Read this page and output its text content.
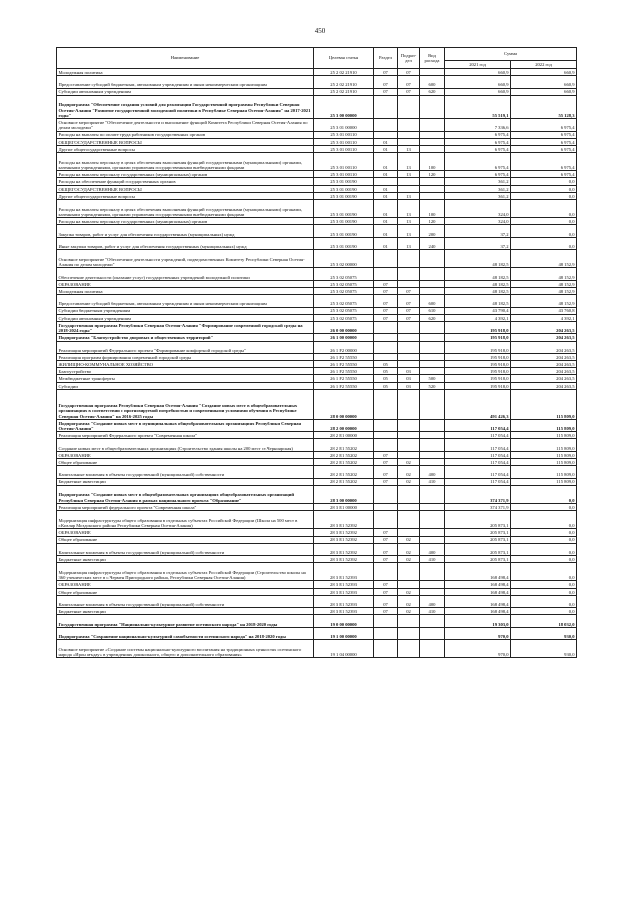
450
Наименование	Целевая статья	Раздел	Подраз-дел	Вид расхода	Сумма	
					2021 год	2022 год
Молодежная политика	25 2 02 21910	07	07		660,9	660,9
Предоставление субсидий бюджетным, автономным учреждениям и иным некоммерческим организациям	25 2 02 21910	07	07	600	660,9	660,9
Субсидии автономным учреждениям	25 2 02 21910	07	07	620	660,9	660,9
Подпрограмма "Обеспечение создания условий для реализации Государственной программы Республики Северная Осетия-Алания "Развитие государственной молодежной политики в Республике Северная Осетия-Алания" на 2017-2021 годы"	25 3 00 00000				55 519,1	55 128,3
Основное мероприятие "Обеспечение деятельности и выполнение функций Комитета Республики Северная Осетия-Алания по делам молодежи"	25 3 01 00000				7 336,6	6 975,4
Расходы на выплаты по оплате труда работников государственных органов	25 3 01 00110				6 975,4	6 975,4
ОБЩЕГОСУДАРСТВЕННЫЕ ВОПРОСЫ	25 3 01 00110	01			6 975,4	6 975,4
Другие общегосударственные вопросы	25 3 01 00110	01	13		6 975,4	6 975,4
Расходы на выплаты персоналу в целях обеспечения выполнения функций государственными (муниципальными) органами, казенными учреждениями, органами управления государственными внебюджетными фондами	25 3 01 00110	01	13	100	6 975,4	6 975,4
Расходы на выплаты персоналу государственных (муниципальных) органов	25 3 01 00110	01	13	120	6 975,4	6 975,4
Расходы на обеспечение функций государственных органов	25 3 01 00190				361,2	0,0
ОБЩЕГОСУДАРСТВЕННЫЕ ВОПРОСЫ	25 3 01 00190	01			361,2	0,0
Другие общегосударственные вопросы	25 3 01 00190	01	13		361,2	0,0
Расходы на выплаты персоналу в целях обеспечения выполнения функций государственными (муниципальными) органами, казенными учреждениями, органами управления государственными внебюджетными фондами	25 3 01 00190	01	13	100	324,0	0,0
Расходы на выплаты персоналу государственных (муниципальных) органов	25 3 01 00190	01	13	120	324,0	0,0
Закупка товаров, работ и услуг для обеспечения государственных (муниципальных) нужд	25 3 01 00190	01	13	200	37,2	0,0
Иные закупки товаров, работ и услуг для обеспечения государственных (муниципальных) нужд	25 3 01 00190	01	13	240	37,2	0,0
Основное мероприятие "Обеспечение деятельности учреждений, подведомственных Комитету Республики Северная Осетия-Алания по делам молодежи"	25 3 02 00000				48 182,5	48 152,9
Обеспечение деятельности (оказание услуг) государственных учреждений молодежной политики	25 3 02 05075				48 182,5	48 152,9
ОБРАЗОВАНИЕ	25 3 02 05075	07			48 182,5	48 152,9
Молодежная политика	25 3 02 05075	07	07		48 182,5	48 152,9
Предоставление субсидий бюджетным, автономным учреждениям и иным некоммерческим организациям	25 3 02 05075	07	07	600	48 182,5	48 152,9
Субсидии бюджетным учреждениям	25 3 02 05075	07	07	610	43 790,4	43 760,8
Субсидии автономным учреждениям	25 3 02 05075	07	07	620	4 392,1	4 392,1
Государственная программа Республики Северная Осетия-Алания "Формирование современной городской среды на 2018-2024 годы"	26 0 00 00000				195 918,0	204 263,5
Подпрограмма "Благоустройство дворовых и общественных территорий"	26 1 00 00000				195 918,0	204 263,5
Реализация мероприятий Федерального проекта "Формирование комфортной городской среды"	26 1 F2 00000				195 918,0	204 263,5
Реализация программ формирования современной городской среды	26 1 F2 55550				195 918,0	204 263,5
ЖИЛИЩНО-КОММУНАЛЬНОЕ ХОЗЯЙСТВО	26 1 F2 55550	05			195 918,0	204 263,5
Благоустройство	26 1 F2 55550	05	03		195 918,0	204 263,5
Межбюджетные трансферты	26 1 F2 55550	05	03	500	195 918,0	204 263,5
Субсидии	26 1 F2 55550	05	03	520	195 918,0	204 263,5
Государственная программа Республики Северная Осетия-Алания "Создание новых мест в общеобразовательных организациях в соответствии с прогнозируемой потребностью и современными условиями обучения в Республике Северная Осетия-Алания" на 2016-2025 годы	28 0 00 00000				491 426,3	115 809,0
Подпрограмма "Создание новых мест в муниципальных общеобразовательных организациях Республики Северная Осетия-Алания"	28 2 00 00000				117 054,4	115 809,0
Реализация мероприятий Федерального проекта "Современная школа"	28 2 E1 00000				117 054,4	115 809,0
Создание новых мест в общеобразовательных организациях (Строительство здания школы на 200 мест ст.Черноярская)	28 2 E1 55202				117 054,4	115 809,0
ОБРАЗОВАНИЕ	28 2 E1 55202	07			117 054,4	115 809,0
Общее образование	28 2 E1 55202	07	02		117 054,4	115 809,0
Капитальные вложения в объекты государственной (муниципальной) собственности	28 2 E1 55202	07	02	400	117 054,4	115 809,0
Бюджетные инвестиции	28 2 E1 55202	07	02	410	117 054,4	115 809,0
Подпрограмма "Создание новых мест в общеобразовательных организациях общеобразовательных организаций Республики Северная Осетия-Алания в рамках национального проекта "Образование"	28 3 00 00000				374 371,9	0,0
Реализация мероприятий федерального проекта "Современная школа"	28 3 E1 00000				374 371,9	0,0
Модернизация инфраструктуры общего образования в отдельных субъектах Российской Федерации (Школа на 500 мест в г.Кизляр Моздокского района Республики Северная Осетия-Алания)	28 3 E1 52392				205 873,1	0,0
ОБРАЗОВАНИЕ	28 3 E1 52392	07			205 873,1	0,0
Общее образование	28 3 E1 52392	07	02		205 873,1	0,0
Капитальные вложения в объекты государственной (муниципальной) собственности	28 3 E1 52392	07	02	400	205 873,1	0,0
Бюджетные инвестиции	28 3 E1 52392	07	02	410	205 873,1	0,0
Модернизация инфраструктуры общего образования в отдельных субъектах Российской Федерации (Строительство школы на 360 ученических мест в с.Чермен Пригородного района, Республики Северная Осетия-Алания)	28 3 E1 52393				168 498,4	0,0
ОБРАЗОВАНИЕ	28 3 E1 52393	07			168 498,4	0,0
Общее образование	28 3 E1 52393	07	02		168 498,4	0,0
Капитальные вложения в объекты государственной (муниципальной) собственности	28 3 E1 52393	07	02	400	168 498,4	0,0
Бюджетные инвестиции	28 3 E1 52393	07	02	410	168 498,4	0,0
Государственная программа "Национально-культурное развитие осетинского народа" на 2018-2020 годы	19 0 00 00000				19 303,0	18 032,0
Подпрограмма "Сохранение национально-культурной самобытности осетинского народа" на 2018-2020 годы	19 1 00 00000				970,0	930,0
Основное мероприятие «Создание системы национально-культурного воспитания на традиционных ценностях осетинского народа «Ирон ағъдау» в учреждениях дошкольного, общего и дополнительного образования»	19 1 04 00000				970,0	930,0
